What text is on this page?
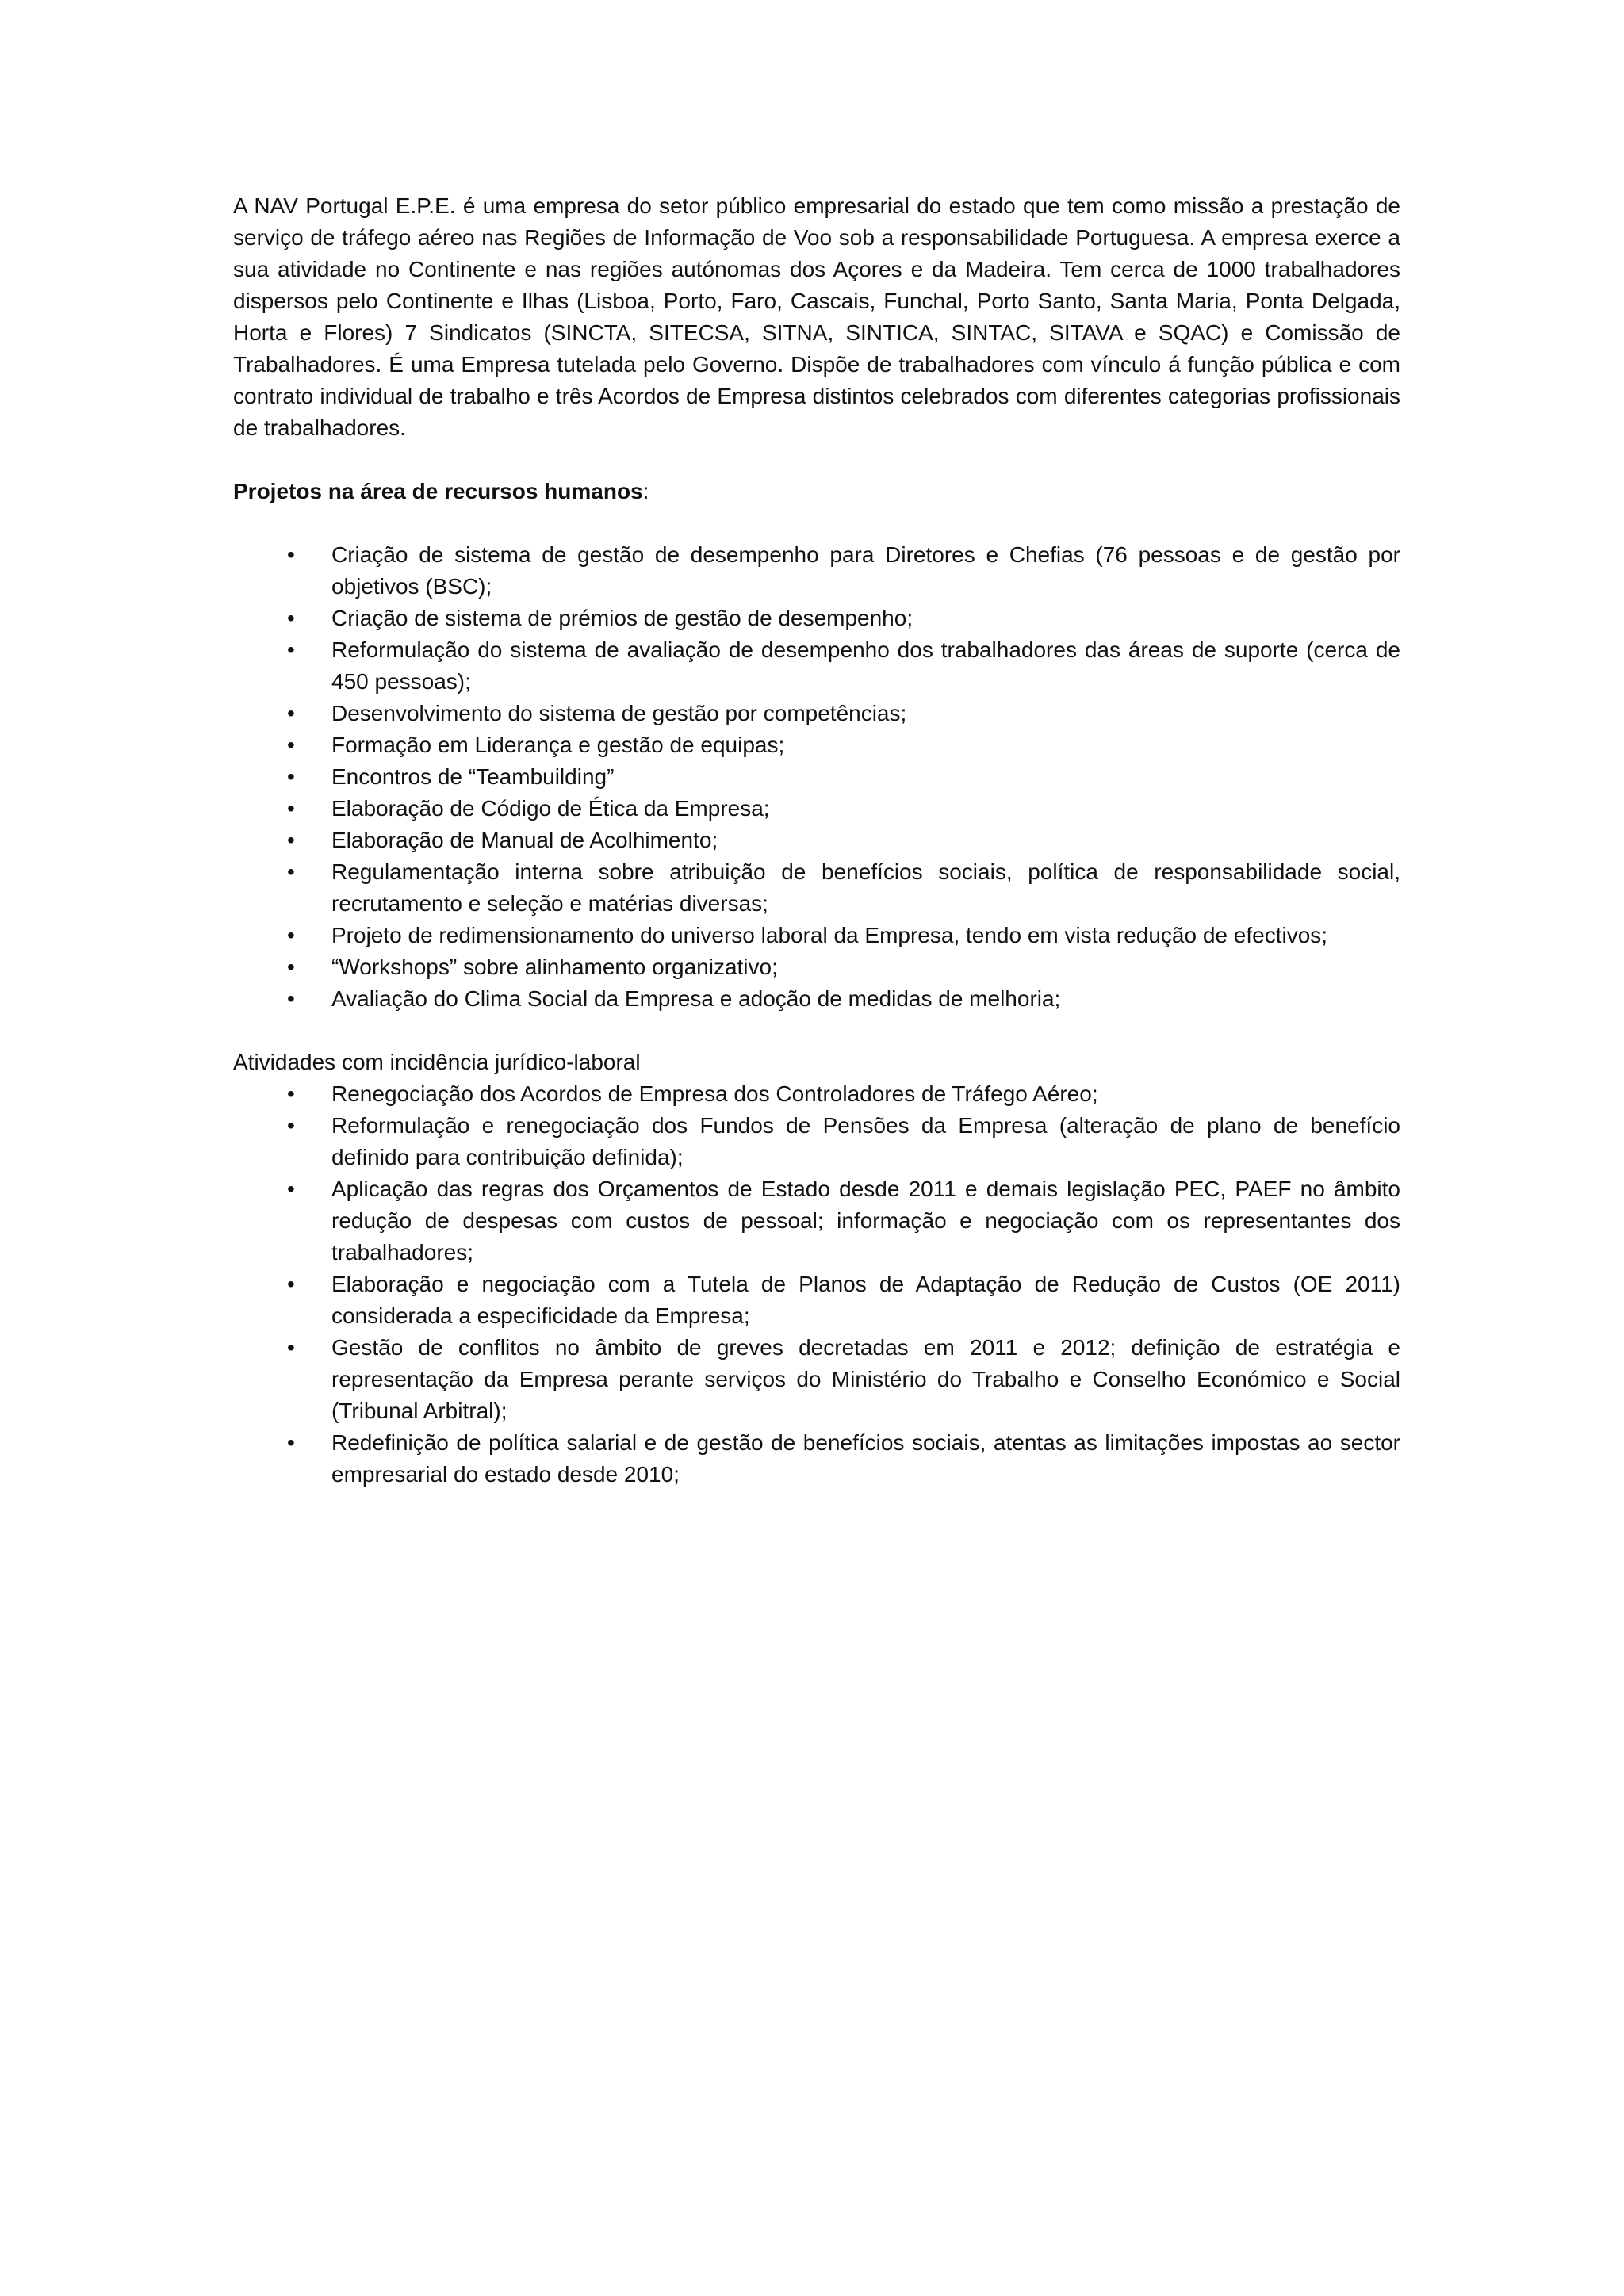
A NAV Portugal E.P.E. é uma empresa do setor público empresarial do estado que tem como missão a prestação de serviço de tráfego aéreo nas Regiões de Informação de Voo sob a responsabilidade Portuguesa. A empresa exerce a sua atividade no Continente e nas regiões autónomas dos Açores e da Madeira. Tem cerca de 1000 trabalhadores dispersos pelo Continente e Ilhas (Lisboa, Porto, Faro, Cascais, Funchal, Porto Santo, Santa Maria, Ponta Delgada, Horta e Flores) 7 Sindicatos (SINCTA, SITECSA, SITNA, SINTICA, SINTAC, SITAVA e SQAC) e Comissão de Trabalhadores. É uma Empresa tutelada pelo Governo. Dispõe de trabalhadores com vínculo á função pública e com contrato individual de trabalho e três Acordos de Empresa distintos celebrados com diferentes categorias profissionais de trabalhadores.

Projetos na área de recursos humanos:

•	Criação de sistema de gestão de desempenho para Diretores e Chefias (76 pessoas e de gestão por objetivos (BSC);
•	Criação de sistema de prémios de gestão de desempenho;
•	Reformulação do sistema de avaliação de desempenho dos trabalhadores das áreas de suporte (cerca de 450 pessoas);
•	Desenvolvimento do sistema de gestão por competências;
•	Formação em Liderança e gestão de equipas;
•	Encontros de “Teambuilding”
•	Elaboração de Código de Ética da Empresa;
•	Elaboração de Manual de Acolhimento;
•	Regulamentação interna sobre atribuição de benefícios sociais, política de responsabilidade social, recrutamento e seleção e matérias diversas;
•	Projeto de redimensionamento do universo laboral da Empresa, tendo em vista redução de efectivos;
•	“Workshops” sobre alinhamento organizativo;
•	Avaliação do Clima Social da Empresa e adoção de medidas de melhoria;

Atividades com incidência jurídico-laboral

•	Renegociação dos Acordos de Empresa dos Controladores de Tráfego Aéreo;
•	Reformulação e renegociação dos Fundos de Pensões da Empresa (alteração de plano de benefício definido para contribuição definida);
•	Aplicação das regras dos Orçamentos de Estado desde 2011 e demais legislação PEC, PAEF no âmbito redução de despesas com custos de pessoal; informação e negociação com os representantes dos trabalhadores;
•	Elaboração e negociação com a Tutela de Planos de Adaptação de Redução de Custos (OE 2011) considerada a especificidade da Empresa;
•	Gestão de conflitos no âmbito de greves decretadas em 2011 e 2012; definição de estratégia e representação da Empresa perante serviços do Ministério do Trabalho e Conselho Económico e Social (Tribunal Arbitral);
•	Redefinição de política salarial e de gestão de benefícios sociais, atentas as limitações impostas ao sector empresarial do estado desde 2010;
